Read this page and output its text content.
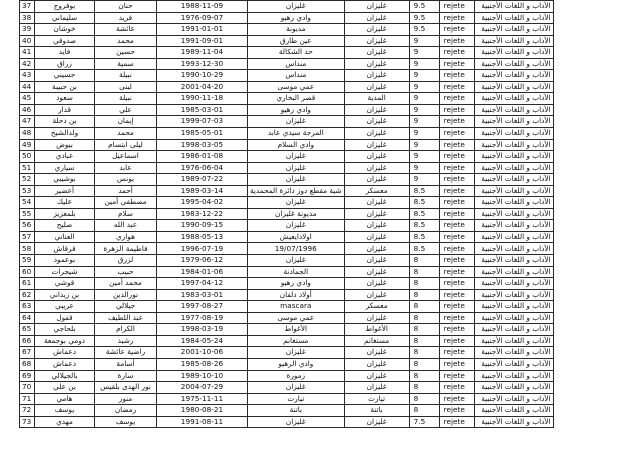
37	بوفروج	حنان	1988-11-09	غليزان	غليزان	9.5	rejete	الآداب و اللغات الأجنبية
38	سليماني	فريد	1976-09-07	وادي رهيو	غليزان	9.5	rejete	الآداب و اللغات الأجنبية
39	خوشان	عائشة	1991-01-01	مديونة	غليزان	9.5	rejete	الآداب و اللغات الأجنبية
40	صدوقي	محمد	1991-09-01	عين طارق	غليزان	9	rejete	الآداب و اللغات الأجنبية
41	فايد	حسين	1989-11-04	حد الشكالة	غليزان	9	rejete	الآداب و اللغات الأجنبية
42	زراق	سمية	1993-12-30	منداس	غليزان	9	rejete	الآداب و اللغات الأجنبية
43	حسيني	نبيلة	1990-10-29	منداس	غليزان	9	rejete	الآداب و اللغات الأجنبية
44	بن حبيبة	لبنى	2001-04-20	عمي موسى	غليزان	9	rejete	الآداب و اللغات الأجنبية
45	سعود	نبيلة	1990-11-18	قصر البخاري	المدية	9	rejete	الآداب و اللغات الأجنبية
46	قدار	علي	1985-03-01	وادي رهيو	غليزان	9	rejete	الآداب و اللغات الأجنبية
47	بن دحلة	إيمان	1999-07-03	غليزان	غليزان	9	rejete	الآداب و اللغات الأجنبية
48	ولدالشيخ	محمد	1985-05-01	المرجة سيدي عابد	غليزان	9	rejete	الآداب و اللغات الأجنبية
49	بيوض	ليلى ابتسام	1998-03-05	وادي السلام	غليزان	9	rejete	الآداب و اللغات الأجنبية
50	عبادي	اسماعيل	1986-01-08	غليزان	غليزان	9	rejete	الآداب و اللغات الأجنبية
51	سياري	عابد	1976-06-04	غليزان	غليزان	9	rejete	الآداب و اللغات الأجنبية
52	بوشيبي	يونس	1989-07-22	غليزان	غليزان	9	rejete	الآداب و اللغات الأجنبية
53	أعضير	أحمد	1989-03-14	شية مقطع دوز دائرة المحمدية	معسكر	8.5	rejete	الآداب و اللغات الأجنبية
54	عليك	مصطفى أمين	1995-04-02	غليزان	غليزان	8.5	rejete	الآداب و اللغات الأجنبية
55	بلمعزيز	سلام	1983-12-22	مديونة غليزان	غليزان	8.5	rejete	الآداب و اللغات الأجنبية
56	صليح	عبد الله	1990-09-15	غليزان	غليزان	8.5	rejete	الآداب و اللغات الأجنبية
57	العناني	هواري	1988-05-13	اولادايعيش	غليزان	8.5	rejete	الآداب و اللغات الأجنبية
58	قرقاش	فاطيمة الزهرة	1996-07-19	19/07/1996	غليزان	8.5	rejete	الآداب و اللغات الأجنبية
59	بوعمود	لزرق	1979-06-12	غليزان	غليزان	8	rejete	الآداب و اللغات الأجنبية
60	شيجرات	حبيب	1984-01-06	الجمادنة	غليزان	8	rejete	الآداب و اللغات الأجنبية
61	قوشي	محمد أمين	1997-04-12	وادي رهيو	غليزان	8	rejete	الآداب و اللغات الأجنبية
62	بن زيداني	نورالدين	1983-03-01	أولاد دلفان	غليزان	8	rejete	الآداب و اللغات الأجنبية
63	عريبي	جيلالي	1997-08-27	mascara	معسكر	8	rejete	الآداب و اللغات الأجنبية
64	قفول	عبد اللطيف	1977-08-19	عمي موسى	غليزان	8	rejete	الآداب و اللغات الأجنبية
65	بلحاجي	الكرام	1998-03-19	الأغواط	الأغواط	8	rejete	الآداب و اللغات الأجنبية
66	دومي بوجمعة	رشيد	1984-05-24	مستغانم	مستغانم	8	rejete	الآداب و اللغات الأجنبية
67	دعماش	راضية عائشة	2001-10-06	غليزان	غليزان	8	rejete	الآداب و اللغات الأجنبية
68	دعماش	أسامة	1985-08-26	وادي الرهيو	غليزان	8	rejete	الآداب و اللغات الأجنبية
69	بالجيلالي	سارة	1989-10-10	زمورة	غليزان	8	rejete	الآداب و اللغات الأجنبية
70	بن علي	نور الهدى بلقيس	2004-07-29	غليزان	غليزان	8	rejete	الآداب و اللغات الأجنبية
71	هامي	منور	1975-11-11	تيارت	تيارت	8	rejete	الآداب و اللغات الأجنبية
72	يوسف	رمضان	1980-08-21	باتنة	باتنة	8	rejete	الآداب و اللغات الأجنبية
73	مهدي	يوسف	1991-08-11	غليزان	غليزان	7.5	rejete	الآداب و اللغات الأجنبية
